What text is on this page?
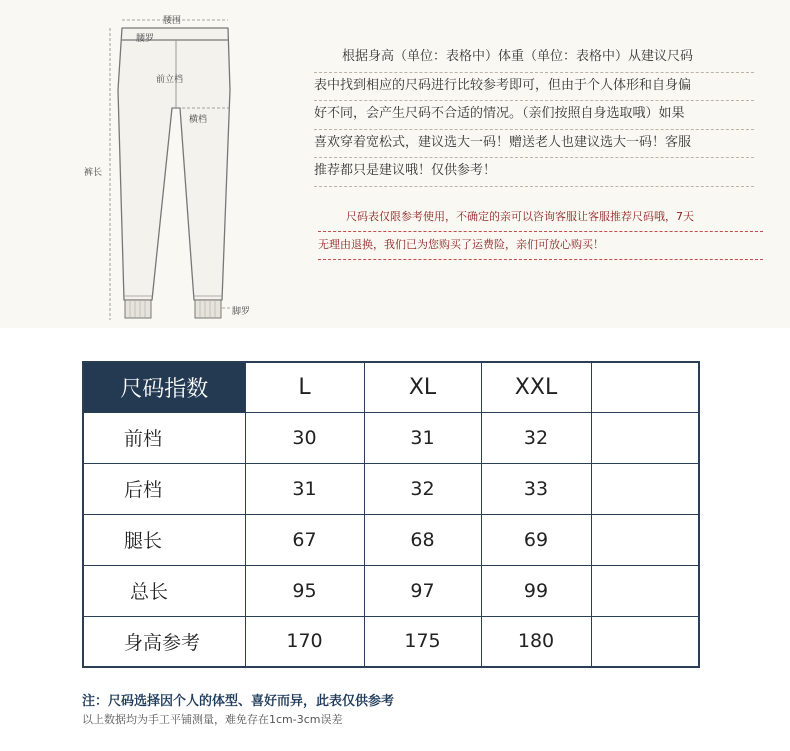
腰围
腰罗
前立档
横档
裤长
脚罗
根据身高（单位：表格中）体重（单位：表格中）从建议尺码
表中找到相应的尺码进行比较参考即可，但由于个人体形和自身偏
好不同，会产生尺码不合适的情况。（亲们按照自身选取哦）如果
喜欢穿着宽松式，建议选大一码！赠送老人也建议选大一码！客服
推荐都只是建议哦！仅供参考！
尺码表仅限参考使用，不确定的亲可以咨询客服让客服推荐尺码哦，7天
无理由退换，我们已为您购买了运费险，亲们可放心购买！
尺码指数	L	XL	XXL	
前档	30	31	32	
后档	31	32	33	
腿长	67	68	69	
总长	95	97	99	
身高参考	170	175	180	
注：尺码选择因个人的体型、喜好而异，此表仅供参考
以上数据均为手工平铺测量，难免存在1cm-3cm误差
